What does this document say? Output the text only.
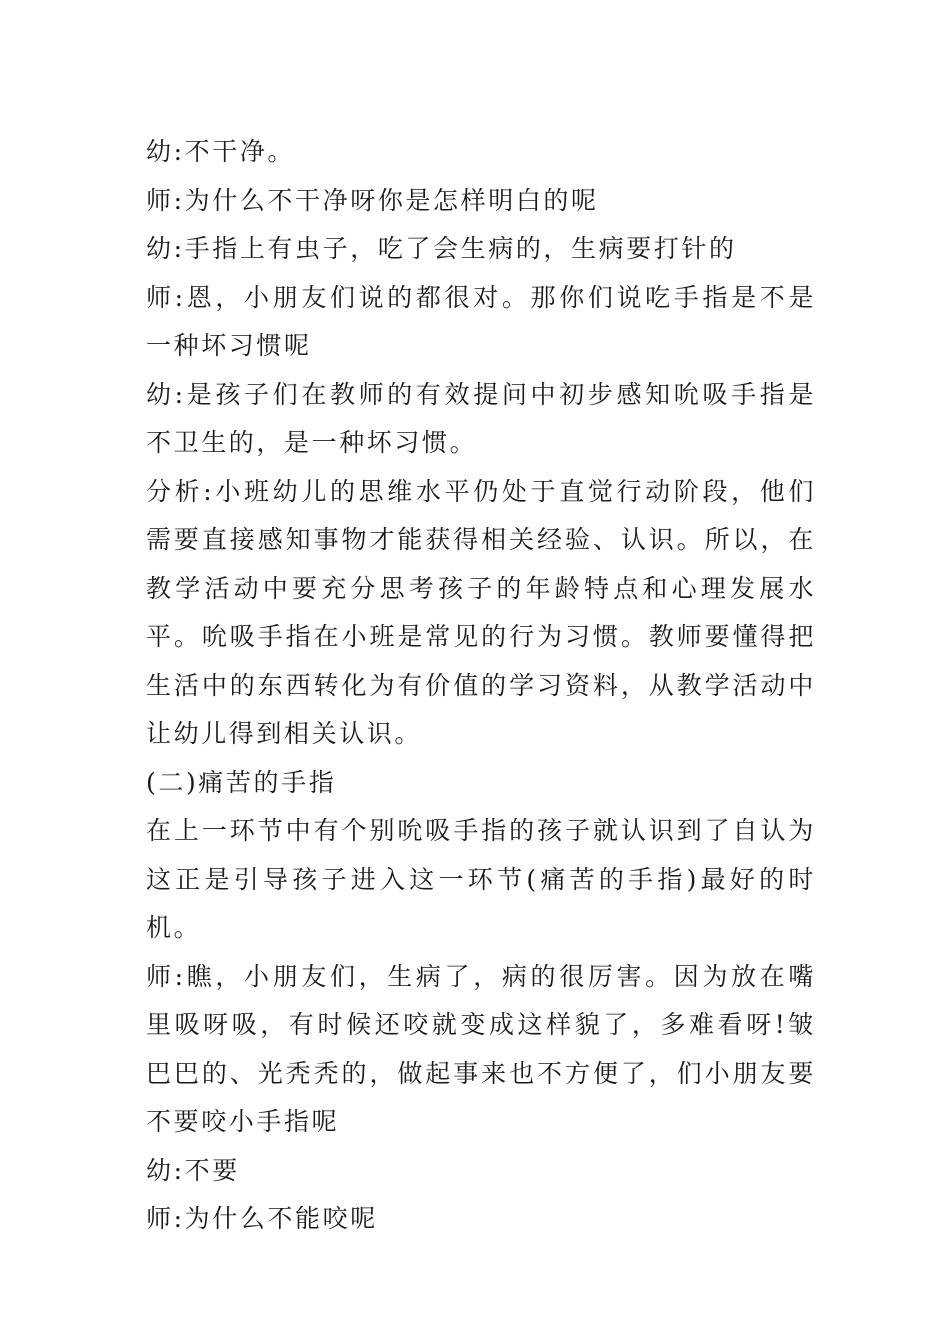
幼:不干净。

师:为什么不干净呀你是怎样明白的呢

幼:手指上有虫子，吃了会生病的，生病要打针的

师:恩，小朋友们说的都很对。那你们说吃手指是不是一种坏习惯呢

幼:是孩子们在教师的有效提问中初步感知吮吸手指是不卫生的，是一种坏习惯。

分析:小班幼儿的思维水平仍处于直觉行动阶段，他们需要直接感知事物才能获得相关经验、认识。所以，在教学活动中要充分思考孩子的年龄特点和心理发展水平。吮吸手指在小班是常见的行为习惯。教师要懂得把生活中的东西转化为有价值的学习资料，从教学活动中让幼儿得到相关认识。

(二)痛苦的手指

在上一环节中有个别吮吸手指的孩子就认识到了自认为这正是引导孩子进入这一环节(痛苦的手指)最好的时机。

师:瞧，小朋友们，生病了，病的很厉害。因为放在嘴里吸呀吸，有时候还咬就变成这样貌了，多难看呀!皱巴巴的、光秃秃的，做起事来也不方便了，们小朋友要不要咬小手指呢

幼:不要

师:为什么不能咬呢
